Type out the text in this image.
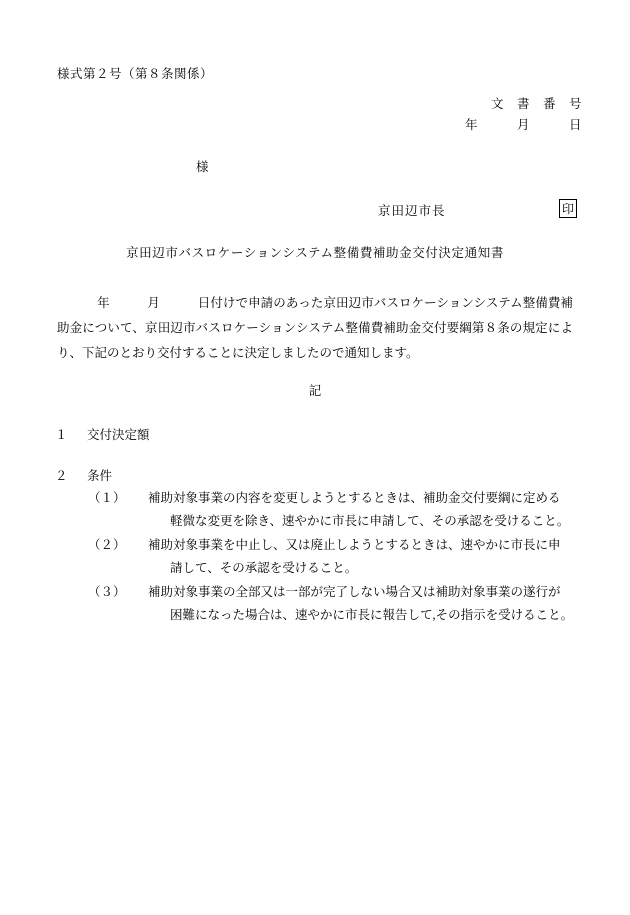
様式第２号（第８条関係）
文　書　番　号
年　　　月　　　日
様
京田辺市長	印
京田辺市バスロケーションシステム整備費補助金交付決定通知書
年　　　月　　　日付けで申請のあった京田辺市バスロケーションシステム整備費補助金について、京田辺市バスロケーションシステム整備費補助金交付要綱第８条の規定により、下記のとおり交付することに決定しましたので通知します。
記
１ 交付決定額
２ 条件
（１）	補助対象事業の内容を変更しようとするときは、補助金交付要綱に定める
軽微な変更を除き、速やかに市長に申請して、その承認を受けること。
（２）	補助対象事業を中止し、又は廃止しようとするときは、速やかに市長に申
請して、その承認を受けること。
（３）	補助対象事業の全部又は一部が完了しない場合又は補助対象事業の遂行が
困難になった場合は、速やかに市長に報告して,その指示を受けること。
